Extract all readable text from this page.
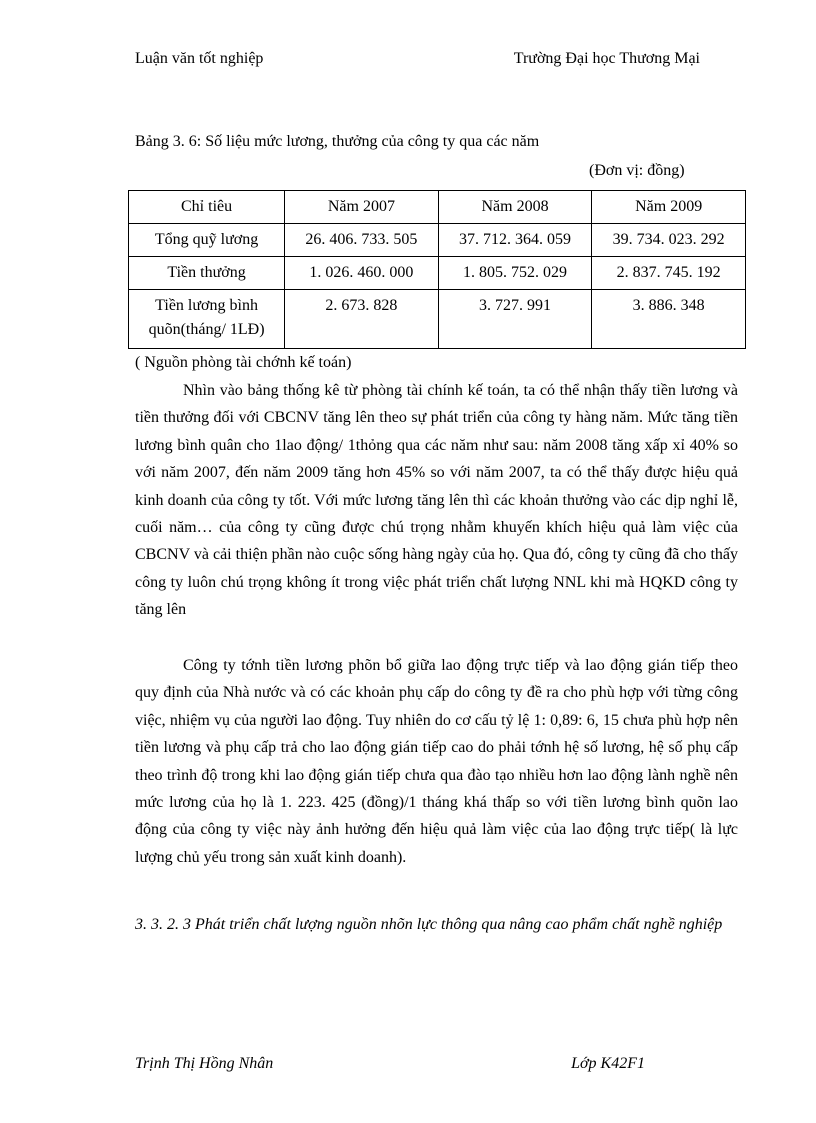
Luận văn tốt nghiệp	Trường Đại học Thương Mại
Bảng 3. 6: Số liệu mức lương, thưởng của công ty qua các năm
(Đơn vị: đồng)
Chỉ tiêu	Năm 2007	Năm 2008	Năm 2009
Tổng quỹ lương	26. 406. 733. 505	37. 712. 364. 059	39. 734. 023. 292
Tiền thưởng	1. 026. 460. 000	1. 805. 752. 029	2. 837. 745. 192
Tiền lương bình quõn(tháng/ 1LĐ)	2. 673. 828	3. 727. 991	3. 886. 348
( Nguồn phòng tài chớnh kế toán)

Nhìn vào bảng thống kê từ phòng tài chính kế toán, ta có thể nhận thấy tiền lương và tiền thưởng đối với CBCNV tăng lên theo sự phát triển của công ty hàng năm. Mức tăng tiền lương bình quân cho 1lao động/ 1thỏng qua các năm như sau: năm 2008 tăng xấp xỉ 40% so với năm 2007, đến năm 2009 tăng hơn 45% so với năm 2007, ta có thể thấy được hiệu quả kinh doanh của công ty tốt. Với mức lương tăng lên thì các khoản thưởng vào các dịp nghỉ lễ, cuối năm… của công ty cũng được chú trọng nhằm khuyến khích hiệu quả làm việc của CBCNV và cải thiện phần nào cuộc sống hàng ngày của họ. Qua đó, công ty cũng đã cho thấy công ty luôn chú trọng không ít trong việc phát triển chất lượng NNL khi mà HQKD công ty tăng lên

Công ty tớnh tiền lương phõn bổ giữa lao động trực tiếp và lao động gián tiếp theo quy định của Nhà nước và có các khoản phụ cấp do công ty đề ra cho phù hợp với từng công việc, nhiệm vụ của người lao động. Tuy nhiên do cơ cấu tỷ lệ 1: 0,89: 6, 15 chưa phù hợp nên tiền lương và phụ cấp trả cho lao động gián tiếp cao do phải tớnh hệ số lương, hệ số phụ cấp theo trình độ trong khi lao động gián tiếp chưa qua đào tạo nhiều hơn lao động lành nghề nên mức lương của họ là 1. 223. 425 (đồng)/1 tháng khá thấp so với tiền lương bình quõn lao động của công ty việc này ảnh hưởng đến hiệu quả làm việc của lao động trực tiếp( là lực lượng chủ yếu trong sản xuất kinh doanh).

3. 3. 2. 3 Phát triển chất lượng nguồn nhõn lực thông qua nâng cao phẩm chất nghề nghiệp

Trịnh Thị Hồng Nhân	Lớp K42F1
